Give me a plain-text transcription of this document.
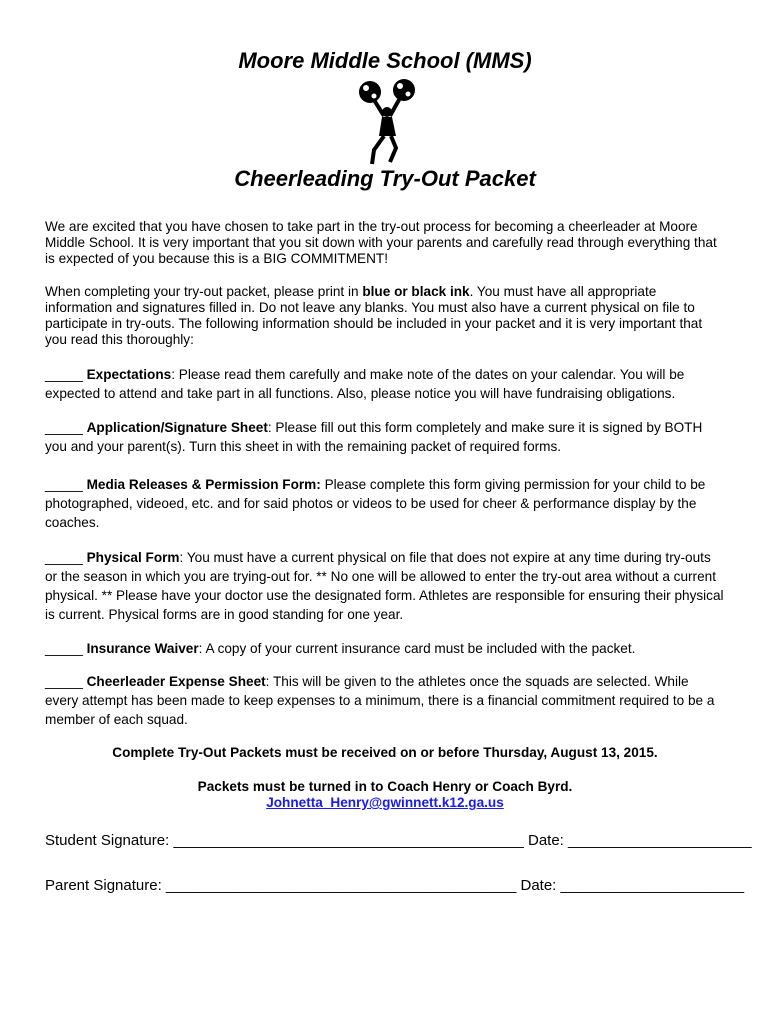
Moore Middle School (MMS)
Cheerleading Try-Out Packet
We are excited that you have chosen to take part in the try-out process for becoming a cheerleader at Moore Middle School. It is very important that you sit down with your parents and carefully read through everything that is expected of you because this is a BIG COMMITMENT!
When completing your try-out packet, please print in blue or black ink. You must have all appropriate information and signatures filled in. Do not leave any blanks. You must also have a current physical on file to participate in try-outs. The following information should be included in your packet and it is very important that you read this thoroughly:
_____ Expectations: Please read them carefully and make note of the dates on your calendar. You will be expected to attend and take part in all functions. Also, please notice you will have fundraising obligations.
_____ Application/Signature Sheet: Please fill out this form completely and make sure it is signed by BOTH you and your parent(s). Turn this sheet in with the remaining packet of required forms.
_____ Media Releases & Permission Form: Please complete this form giving permission for your child to be photographed, videoed, etc. and for said photos or videos to be used for cheer & performance display by the coaches.
_____ Physical Form: You must have a current physical on file that does not expire at any time during try-outs or the season in which you are trying-out for. ** No one will be allowed to enter the try-out area without a current physical. ** Please have your doctor use the designated form. Athletes are responsible for ensuring their physical is current. Physical forms are in good standing for one year.
_____ Insurance Waiver: A copy of your current insurance card must be included with the packet.
_____ Cheerleader Expense Sheet: This will be given to the athletes once the squads are selected. While every attempt has been made to keep expenses to a minimum, there is a financial commitment required to be a member of each squad.
Complete Try-Out Packets must be received on or before Thursday, August 13, 2015.
Packets must be turned in to Coach Henry or Coach Byrd.
Johnetta_Henry@gwinnett.k12.ga.us
Student Signature: __________________________________________ Date: ______________________
Parent Signature: __________________________________________ Date: ______________________
